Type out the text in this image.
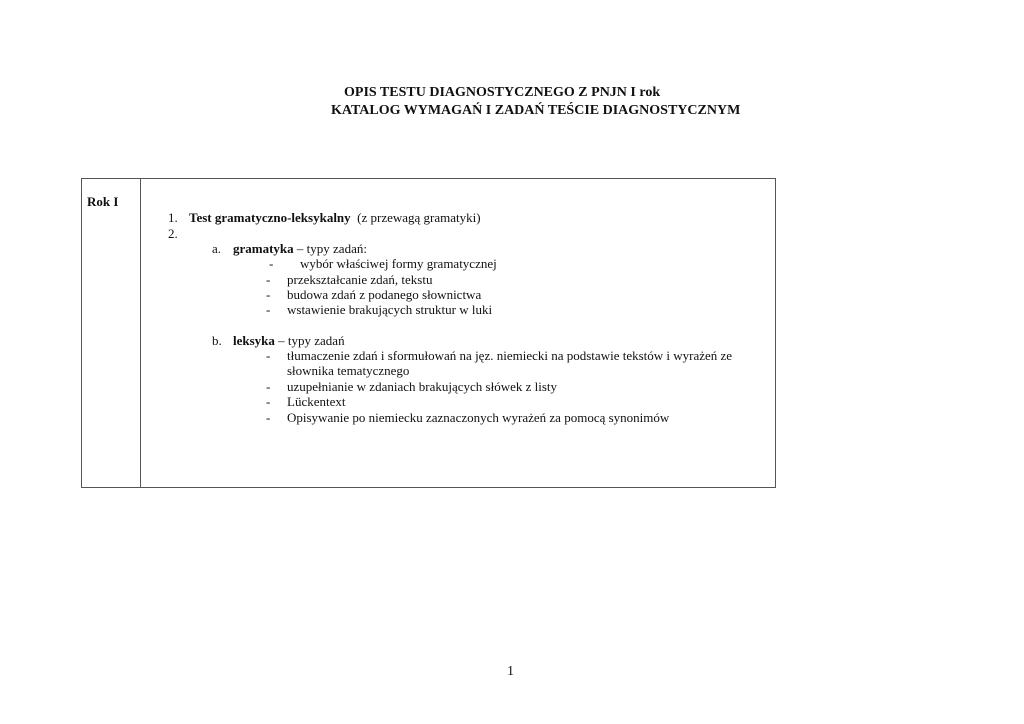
OPIS TESTU DIAGNOSTYCZNEGO Z PNJN I rok
KATALOG WYMAGAŃ I ZADAŃ TEŚCIE DIAGNOSTYCZNYM
Rok I
1. Test gramatyczno-leksykalny (z przewagą gramatyki)
2.
a. gramatyka – typy zadań:
- wybór właściwej formy gramatycznej
- przekształcanie zdań, tekstu
- budowa zdań z podanego słownictwa
- wstawienie brakujących struktur w luki
b. leksyka – typy zadań
- tłumaczenie zdań i sformułowań na jęz. niemiecki na podstawie tekstów i wyrażeń ze
słownika tematycznego
- uzupełnianie w zdaniach brakujących słówek z listy
- Lückentext
- Opisywanie po niemiecku zaznaczonych wyrażeń za pomocą synonimów
1
